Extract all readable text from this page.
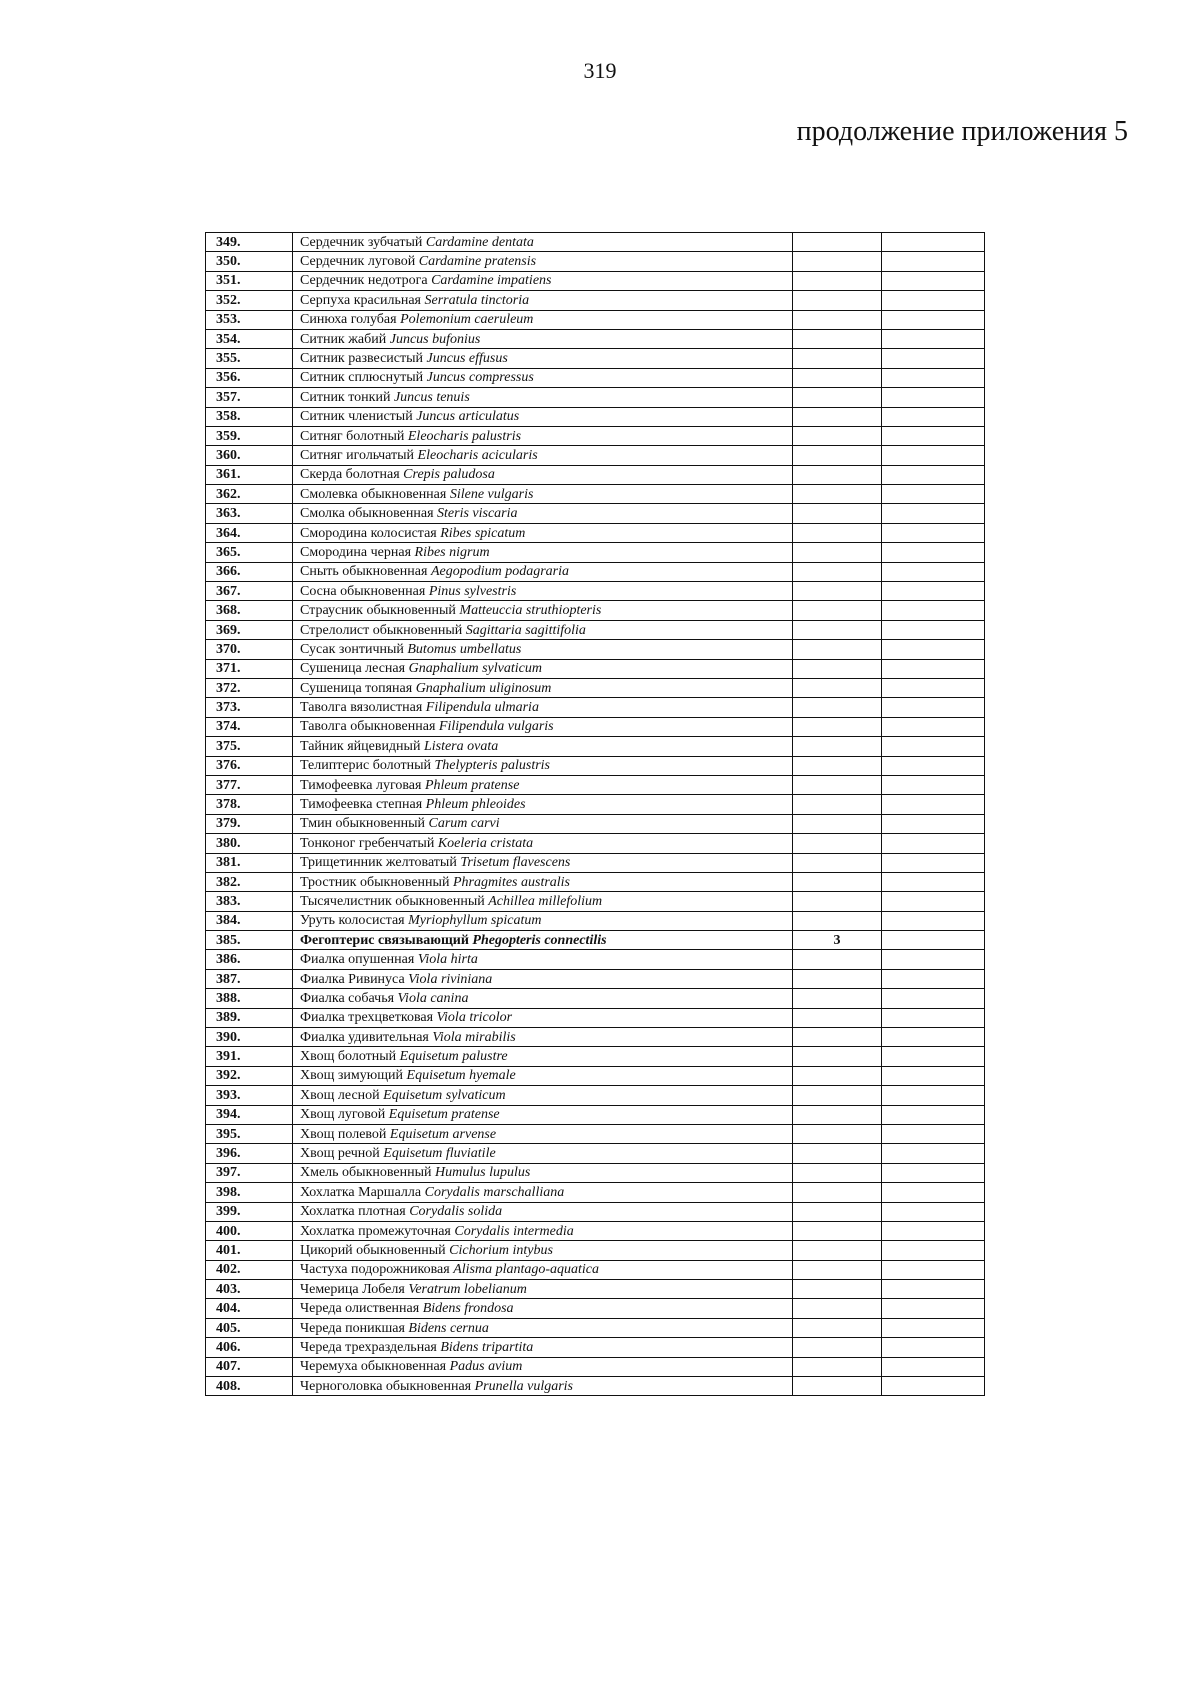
319
продолжение приложения 5
349.	Сердечник зубчатый Cardamine dentata		
350.	Сердечник луговой Cardamine pratensis		
351.	Сердечник недотрога Cardamine impatiens		
352.	Серпуха красильная Serratula tinctoria		
353.	Синюха голубая Polemonium caeruleum		
354.	Ситник жабий Juncus bufonius		
355.	Ситник развесистый Juncus effusus		
356.	Ситник сплюснутый Juncus compressus		
357.	Ситник тонкий Juncus tenuis		
358.	Ситник членистый Juncus articulatus		
359.	Ситняг болотный Eleocharis palustris		
360.	Ситняг игольчатый Eleocharis acicularis		
361.	Скерда болотная Crepis paludosa		
362.	Смолевка обыкновенная Silene vulgaris		
363.	Смолка обыкновенная Steris viscaria		
364.	Смородина колосистая Ribes spicatum		
365.	Смородина черная Ribes nigrum		
366.	Сныть обыкновенная Aegopodium podagraria		
367.	Сосна обыкновенная Pinus sylvestris		
368.	Страусник обыкновенный Matteuccia struthiopteris		
369.	Стрелолист обыкновенный Sagittaria sagittifolia		
370.	Сусак зонтичный Butomus umbellatus		
371.	Сушеница лесная Gnaphalium sylvaticum		
372.	Сушеница топяная Gnaphalium uliginosum		
373.	Таволга вязолистная Filipendula ulmaria		
374.	Таволга обыкновенная Filipendula vulgaris		
375.	Тайник яйцевидный Listera ovata		
376.	Телиптерис болотный Thelypteris palustris		
377.	Тимофеевка луговая Phleum pratense		
378.	Тимофеевка степная Phleum phleoides		
379.	Тмин обыкновенный Carum carvi		
380.	Тонконог гребенчатый Koeleria cristata		
381.	Трищетинник желтоватый Trisetum flavescens		
382.	Тростник обыкновенный Phragmites australis		
383.	Тысячелистник обыкновенный Achillea millefolium		
384.	Уруть колосистая Myriophyllum spicatum		
385.	Фегоптерис связывающий Phegopteris connectilis	3	
386.	Фиалка опушенная Viola hirta		
387.	Фиалка Ривинуса Viola riviniana		
388.	Фиалка собачья Viola canina		
389.	Фиалка трехцветковая Viola tricolor		
390.	Фиалка удивительная Viola mirabilis		
391.	Хвощ болотный Equisetum palustre		
392.	Хвощ зимующий Equisetum hyemale		
393.	Хвощ лесной Equisetum sylvaticum		
394.	Хвощ луговой Equisetum pratense		
395.	Хвощ полевой Equisetum arvense		
396.	Хвощ речной Equisetum fluviatile		
397.	Хмель обыкновенный Humulus lupulus		
398.	Хохлатка Маршалла Corydalis marschalliana		
399.	Хохлатка плотная Corydalis solida		
400.	Хохлатка промежуточная Corydalis intermedia		
401.	Цикорий обыкновенный Cichorium intybus		
402.	Частуха подорожниковая Alisma plantago-aquatica		
403.	Чемерица Лобеля Veratrum lobelianum		
404.	Череда олиственная Bidens frondosa		
405.	Череда поникшая Bidens cernua		
406.	Череда трехраздельная Bidens tripartita		
407.	Черемуха обыкновенная Padus avium		
408.	Черноголовка обыкновенная Prunella vulgaris		
